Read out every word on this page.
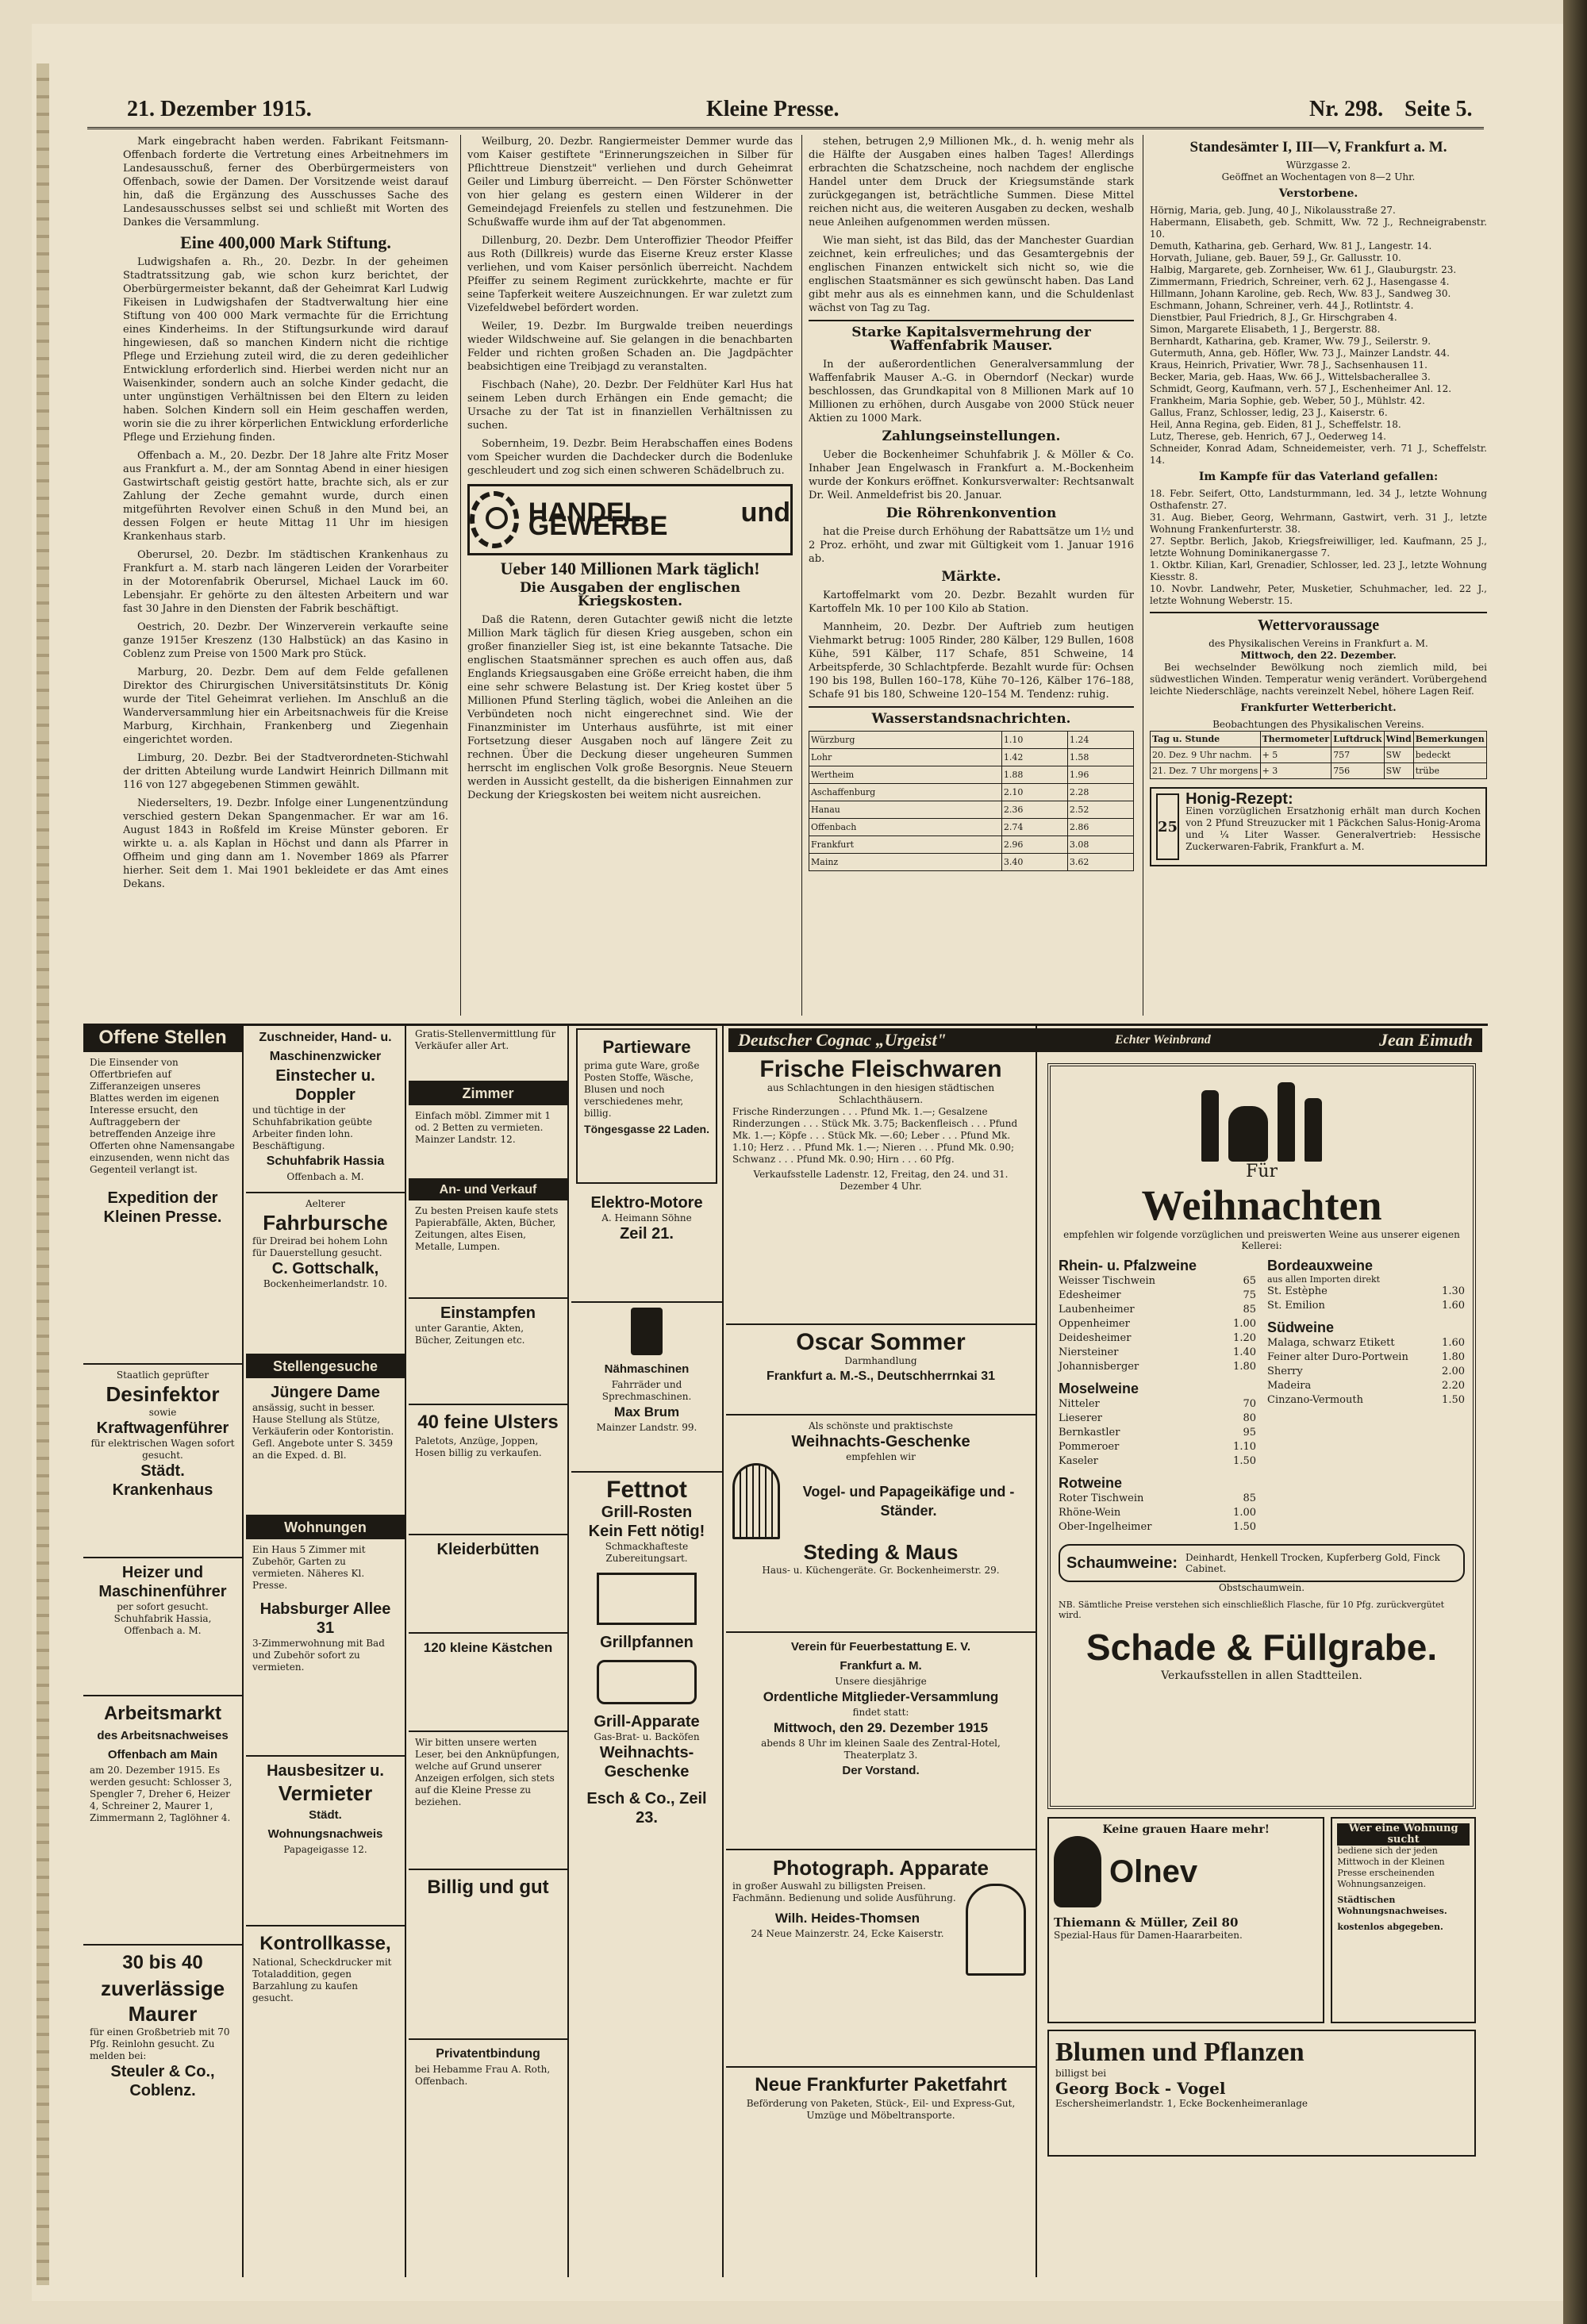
21. Dezember 1915.	Kleine Presse.	Nr. 298. Seite 5.

Mark eingebracht haben werden. Fabrikant Feitsmann-Offenbach forderte die Vertretung eines Arbeitnehmers im Landesausschuß, ferner des Oberbürgermeisters von Offenbach, sowie der Damen. Der Vorsitzende weist darauf hin, daß die Ergänzung des Ausschusses Sache des Landesausschusses selbst sei und schließt mit Worten des Dankes die Versammlung.

Eine 400,000 Mark Stiftung.

Ludwigshafen a. Rh., 20. Dezbr. In der geheimen Stadtratssitzung gab, wie schon kurz berichtet, der Oberbürgermeister bekannt, daß der Geheimrat Karl Ludwig Fikeisen in Ludwigshafen der Stadtverwaltung hier eine Stiftung von 400 000 Mark vermachte für die Errichtung eines Kinderheims. In der Stiftungsurkunde wird darauf hingewiesen, daß so manchen Kindern nicht die richtige Pflege und Erziehung zuteil wird, die zu deren gedeihlicher Entwicklung erforderlich sind. Hierbei werden nicht nur an Waisenkinder, sondern auch an solche Kinder gedacht, die unter ungünstigen Verhältnissen bei den Eltern zu leiden haben. Solchen Kindern soll ein Heim geschaffen werden, worin sie die zu ihrer körperlichen Entwicklung erforderliche Pflege und Erziehung finden.

Offenbach a. M., 20. Dezbr. Der 18 Jahre alte Fritz Moser aus Frankfurt a. M., der am Sonntag Abend in einer hiesigen Gastwirtschaft geistig gestört hatte, brachte sich, als er zur Zahlung der Zeche gemahnt wurde, durch einen mitgeführten Revolver einen Schuß in den Mund bei, an dessen Folgen er heute Mittag 11 Uhr im hiesigen Krankenhaus starb.

Oberursel, 20. Dezbr. Im städtischen Krankenhaus zu Frankfurt a. M. starb nach längeren Leiden der Vorarbeiter in der Motorenfabrik Oberursel, Michael Lauck im 60. Lebensjahr. Er gehörte zu den ältesten Arbeitern und war fast 30 Jahre in den Diensten der Fabrik beschäftigt.

Oestrich, 20. Dezbr. Der Winzerverein verkaufte seine ganze 1915er Kreszenz (130 Halbstück) an das Kasino in Coblenz zum Preise von 1500 Mark pro Stück.

Marburg, 20. Dezbr. Dem auf dem Felde gefallenen Direktor des Chirurgischen Universitätsinstituts Dr. König wurde der Titel Geheimrat verliehen. Im Anschluß an die Wanderversammlung hier ein Arbeitsnachweis für die Kreise Marburg, Kirchhain, Frankenberg und Ziegenhain eingerichtet worden.

Limburg, 20. Dezbr. Bei der Stadtverordneten-Stichwahl der dritten Abteilung wurde Landwirt Heinrich Dillmann mit 116 von 127 abgegebenen Stimmen gewählt.

Niederselters, 19. Dezbr. Infolge einer Lungenentzündung verschied gestern Dekan Spangenmacher. Er war am 16. August 1843 in Roßfeld im Kreise Münster geboren. Er wirkte u. a. als Kaplan in Höchst und dann als Pfarrer in Offheim und ging dann am 1. November 1869 als Pfarrer hierher. Seit dem 1. Mai 1901 bekleidete er das Amt eines Dekans.

Weilburg, 20. Dezbr. Rangiermeister Demmer wurde das vom Kaiser gestiftete "Erinnerungszeichen in Silber für Pflichttreue Dienstzeit" verliehen und durch Geheimrat Geiler und Limburg überreicht. — Den Förster Schönwetter von hier gelang es gestern einen Wilderer in der Gemeindejagd Freienfels zu stellen und festzunehmen. Die Schußwaffe wurde ihm auf der Tat abgenommen.

Dillenburg, 20. Dezbr. Dem Unteroffizier Theodor Pfeiffer aus Roth (Dillkreis) wurde das Eiserne Kreuz erster Klasse verliehen, und vom Kaiser persönlich überreicht. Nachdem Pfeiffer zu seinem Regiment zurückkehrte, machte er für seine Tapferkeit weitere Auszeichnungen. Er war zuletzt zum Vizefeldwebel befördert worden.

Weiler, 19. Dezbr. Im Burgwalde treiben neuerdings wieder Wildschweine auf. Sie gelangen in die benachbarten Felder und richten großen Schaden an. Die Jagdpächter beabsichtigen eine Treibjagd zu veranstalten.

Fischbach (Nahe), 20. Dezbr. Der Feldhüter Karl Hus hat seinem Leben durch Erhängen ein Ende gemacht; die Ursache zu der Tat ist in finanziellen Verhältnissen zu suchen.

Sobernheim, 19. Dezbr. Beim Herabschaffen eines Bodens vom Speicher wurden die Dachdecker durch die Bodenluke geschleudert und zog sich einen schweren Schädelbruch zu.

HANDEL und GEWERBE
Ueber 140 Millionen Mark täglich!
Die Ausgaben der englischen Kriegskosten.

Daß die Ratenn, deren Gutachter gewiß nicht die letzte Million Mark täglich für diesen Krieg ausgeben, schon ein großer finanzieller Sieg ist, ist eine bekannte Tatsache. Die englischen Staatsmänner sprechen es auch offen aus, daß Englands Kriegsausgaben eine Größe erreicht haben, die ihm eine sehr schwere Belastung ist. Der Krieg kostet über 5 Millionen Pfund Sterling täglich, wobei die Anleihen an die Verbündeten noch nicht eingerechnet sind. Wie der Finanzminister im Unterhaus ausführte, ist mit einer Fortsetzung dieser Ausgaben noch auf längere Zeit zu rechnen. Über die Deckung dieser ungeheuren Summen herrscht im englischen Volk große Besorgnis. Neue Steuern werden in Aussicht gestellt, da die bisherigen Einnahmen zur Deckung der Kriegskosten bei weitem nicht ausreichen.

stehen, betrugen 2,9 Millionen Mk., d. h. wenig mehr als die Hälfte der Ausgaben eines halben Tages! Allerdings erbrachten die Schatzscheine, noch nachdem der englische Handel unter dem Druck der Kriegsumstände stark zurückgegangen ist, beträchtliche Summen. Diese Mittel reichen nicht aus, die weiteren Ausgaben zu decken, weshalb neue Anleihen aufgenommen werden müssen.

Wie man sieht, ist das Bild, das der Manchester Guardian zeichnet, kein erfreuliches; und das Gesamtergebnis der englischen Finanzen entwickelt sich nicht so, wie die englischen Staatsmänner es sich gewünscht haben. Das Land gibt mehr aus als es einnehmen kann, und die Schuldenlast wächst von Tag zu Tag.

Starke Kapitalsvermehrung der Waffenfabrik Mauser.

In der außerordentlichen Generalversammlung der Waffenfabrik Mauser A.-G. in Oberndorf (Neckar) wurde beschlossen, das Grundkapital von 8 Millionen Mark auf 10 Millionen zu erhöhen, durch Ausgabe von 2000 Stück neuer Aktien zu 1000 Mark.

Zahlungseinstellungen.

Ueber die Bockenheimer Schuhfabrik J. & Möller & Co. Inhaber Jean Engelwasch in Frankfurt a. M.-Bockenheim wurde der Konkurs eröffnet. Konkursverwalter: Rechtsanwalt Dr. Weil. Anmeldefrist bis 20. Januar.

Die Röhrenkonvention

hat die Preise durch Erhöhung der Rabattsätze um 1½ und 2 Proz. erhöht, und zwar mit Gültigkeit vom 1. Januar 1916 ab.

Märkte.

Kartoffelmarkt vom 20. Dezbr. Bezahlt wurden für Kartoffeln Mk. 10 per 100 Kilo ab Station.

Mannheim, 20. Dezbr. Der Auftrieb zum heutigen Viehmarkt betrug: 1005 Rinder, 280 Kälber, 129 Bullen, 1608 Kühe, 591 Kälber, 117 Schafe, 851 Schweine, 14 Arbeitspferde, 30 Schlachtpferde. Bezahlt wurde für: Ochsen 190 bis 198, Bullen 160–178, Kühe 70–126, Kälber 176–188, Schafe 91 bis 180, Schweine 120–154 M. Tendenz: ruhig.

Wasserstandsnachrichten.
Würzburg	1.10	1.24
Lohr	1.42	1.58
Wertheim	1.88	1.96
Aschaffenburg	2.10	2.28
Hanau	2.36	2.52
Offenbach	2.74	2.86
Frankfurt	2.96	3.08
Mainz	3.40	3.62
Standesämter I, III—V, Frankfurt a. M.
Würzgasse 2.
Geöffnet an Wochentagen von 8—2 Uhr.
Verstorbene.
Hörnig, Maria, geb. Jung, 40 J., Nikolausstraße 27.
Habermann, Elisabeth, geb. Schmitt, Ww. 72 J., Rechneigrabenstr. 10.
Demuth, Katharina, geb. Gerhard, Ww. 81 J., Langestr. 14.
Horvath, Juliane, geb. Bauer, 59 J., Gr. Gallusstr. 10.
Halbig, Margarete, geb. Zornheiser, Ww. 61 J., Glauburgstr. 23.
Zimmermann, Friedrich, Schreiner, verh. 62 J., Hasengasse 4.
Hillmann, Johann Karoline, geb. Rech, Ww. 83 J., Sandweg 30.
Eschmann, Johann, Schreiner, verh. 44 J., Rotlintstr. 4.
Dienstbier, Paul Friedrich, 8 J., Gr. Hirschgraben 4.
Simon, Margarete Elisabeth, 1 J., Bergerstr. 88.
Bernhardt, Katharina, geb. Kramer, Ww. 79 J., Seilerstr. 9.
Gutermuth, Anna, geb. Höfler, Ww. 73 J., Mainzer Landstr. 44.
Kraus, Heinrich, Privatier, Wwr. 78 J., Sachsenhausen 11.
Becker, Maria, geb. Haas, Ww. 66 J., Wittelsbacherallee 3.
Schmidt, Georg, Kaufmann, verh. 57 J., Eschenheimer Anl. 12.
Frankheim, Maria Sophie, geb. Weber, 50 J., Mühlstr. 42.
Gallus, Franz, Schlosser, ledig, 23 J., Kaiserstr. 6.
Heil, Anna Regina, geb. Eiden, 81 J., Scheffelstr. 18.
Lutz, Therese, geb. Henrich, 67 J., Oederweg 14.
Schneider, Konrad Adam, Schneidemeister, verh. 71 J., Scheffelstr. 14.
Im Kampfe für das Vaterland gefallen:
18. Febr. Seifert, Otto, Landsturmmann, led. 34 J., letzte Wohnung Osthafenstr. 27.
31. Aug. Bieber, Georg, Wehrmann, Gastwirt, verh. 31 J., letzte Wohnung Frankenfurterstr. 38.
27. Septbr. Berlich, Jakob, Kriegsfreiwilliger, led. Kaufmann, 25 J., letzte Wohnung Dominikanergasse 7.
1. Oktbr. Kilian, Karl, Grenadier, Schlosser, led. 23 J., letzte Wohnung Kiesstr. 8.
10. Novbr. Landwehr, Peter, Musketier, Schuhmacher, led. 22 J., letzte Wohnung Weberstr. 15.
Wettervoraussage
des Physikalischen Vereins in Frankfurt a. M.
Mittwoch, den 22. Dezember.

Bei wechselnder Bewölkung noch ziemlich mild, bei südwestlichen Winden. Temperatur wenig verändert. Vorübergehend leichte Niederschläge, nachts vereinzelt Nebel, höhere Lagen Reif.

Frankfurter Wetterbericht.
Beobachtungen des Physikalischen Vereins.
Tag u. Stunde	Thermometer	Luftdruck	Wind	Bemerkungen
20. Dez. 9 Uhr nachm.	+ 5	757	SW	bedeckt
21. Dez. 7 Uhr morgens	+ 3	756	SW	trübe
25
Honig-Rezept:
Einen vorzüglichen Ersatzhonig erhält man durch Kochen von 2 Pfund Streuzucker mit 1 Päckchen Salus-Honig-Aroma und ¼ Liter Wasser. Generalvertrieb: Hessische Zuckerwaren-Fabrik, Frankfurt a. M.
Offene Stellen
Die Einsender von Offertbriefen auf Zifferanzeigen unseres Blattes werden im eigenen Interesse ersucht, den Auftraggebern der betreffenden Anzeige ihre Offerten ohne Namensangabe einzusenden, wenn nicht das Gegenteil verlangt ist.
Expedition der Kleinen Presse.
Staatlich geprüfter
Desinfektor
sowie
Kraftwagenführer
für elektrischen Wagen sofort gesucht.
Städt. Krankenhaus
Heizer und
Maschinenführer
per sofort gesucht. Schuhfabrik Hassia, Offenbach a. M.
Arbeitsmarkt
des Arbeitsnachweises Offenbach am Main
am 20. Dezember 1915. Es werden gesucht: Schlosser 3, Spengler 7, Dreher 6, Heizer 4, Schreiner 2, Maurer 1, Zimmermann 2, Taglöhner 4.
30 bis 40
zuverlässige Maurer
für einen Großbetrieb mit 70 Pfg. Reinlohn gesucht. Zu melden bei:
Steuler & Co., Coblenz.
Zuschneider, Hand- u. Maschinenzwicker
Einstecher u. Doppler
und tüchtige in der Schuhfabrikation geübte Arbeiter finden lohn. Beschäftigung.
Schuhfabrik Hassia
Offenbach a. M.
Aelterer
Fahrbursche
für Dreirad bei hohem Lohn für Dauerstellung gesucht.
C. Gottschalk,
Bockenheimerlandstr. 10.
Stellengesuche
Jüngere Dame
ansässig, sucht in besser. Hause Stellung als Stütze, Verkäuferin oder Kontoristin. Gefl. Angebote unter S. 3459 an die Exped. d. Bl.
Wohnungen
Ein Haus 5 Zimmer mit Zubehör, Garten zu vermieten. Näheres Kl. Presse.
Habsburger Allee 31
3-Zimmerwohnung mit Bad und Zubehör sofort zu vermieten.
Hausbesitzer u.
Vermieter
Städt. Wohnungsnachweis
Papageigasse 12.
Kontrollkasse,
National, Scheckdrucker mit Totaladdition, gegen Barzahlung zu kaufen gesucht.
Gratis-Stellenvermittlung für Verkäufer aller Art.
Zimmer
Einfach möbl. Zimmer mit 1 od. 2 Betten zu vermieten. Mainzer Landstr. 12.
An- und Verkauf
Zu besten Preisen kaufe stets Papierabfälle, Akten, Bücher, Zeitungen, altes Eisen, Metalle, Lumpen.
Einstampfen
unter Garantie, Akten, Bücher, Zeitungen etc.
40 feine Ulsters
Paletots, Anzüge, Joppen, Hosen billig zu verkaufen.
Kleiderbütten
120 kleine Kästchen
Wir bitten unsere werten Leser, bei den Anknüpfungen, welche auf Grund unserer Anzeigen erfolgen, sich stets auf die Kleine Presse zu beziehen.
Billig und gut
Privatentbindung
bei Hebamme Frau A. Roth, Offenbach.
Partieware
prima gute Ware, große Posten Stoffe, Wäsche, Blusen und noch verschiedenes mehr, billig.
Töngesgasse 22 Laden.
Elektro-Motore
A. Heimann Söhne
Zeil 21.
Nähmaschinen
Fahrräder und Sprechmaschinen.
Max Brum
Mainzer Landstr. 99.
Fettnot
Grill-Rosten
Kein Fett nötig!
Schmackhafteste Zubereitungsart.
Grillpfannen
Grill-Apparate
Gas-Brat- u. Backöfen
Weihnachts-Geschenke
Esch & Co., Zeil 23.
Frische Fleischwaren
aus Schlachtungen in den hiesigen städtischen Schlachthäusern.
Frische Rinderzungen . . . Pfund Mk. 1.—; Gesalzene Rinderzungen . . . Stück Mk. 3.75; Backenfleisch . . . Pfund Mk. 1.—; Köpfe . . . Stück Mk. —.60; Leber . . . Pfund Mk. 1.10; Herz . . . Pfund Mk. 1.—; Nieren . . . Pfund Mk. 0.90; Schwanz . . . Pfund Mk. 0.90; Hirn . . . 60 Pfg.
Verkaufsstelle Ladenstr. 12, Freitag, den 24. und 31. Dezember 4 Uhr.
Oscar Sommer
Darmhandlung
Frankfurt a. M.-S., Deutschherrnkai 31
Als schönste und praktischste
Weihnachts-Geschenke
empfehlen wir
Vogel- und Papageikäfige und -Ständer.
Steding & Maus
Haus- u. Küchengeräte. Gr. Bockenheimerstr. 29.
Verein für Feuerbestattung E. V.
Frankfurt a. M.
Unsere diesjährige
Ordentliche Mitglieder-Versammlung
findet statt:
Mittwoch, den 29. Dezember 1915
abends 8 Uhr im kleinen Saale des Zentral-Hotel, Theaterplatz 3.
Der Vorstand.
Photograph. Apparate
in großer Auswahl zu billigsten Preisen. Fachmänn. Bedienung und solide Ausführung.
Wilh. Heides-Thomsen
24 Neue Mainzerstr. 24, Ecke Kaiserstr.
Neue Frankfurter Paketfahrt
Beförderung von Paketen, Stück-, Eil- und Express-Gut, Umzüge und Möbeltransporte.
Deutscher Cognac „Urgeist"	Echter Weinbrand	Jean Eimuth
Für
Weihnachten
empfehlen wir folgende vorzüglichen und preiswerten Weine aus unserer eigenen Kellerei:
Rhein- u. Pfalzweine
Weisser Tischwein	65
Edesheimer	75
Laubenheimer	85
Oppenheimer	1.00
Deidesheimer	1.20
Niersteiner	1.40
Johannisberger	1.80
Moselweine
Nitteler	70
Lieserer	80
Bernkastler	95
Pommeroer	1.10
Kaseler	1.50
Rotweine
Roter Tischwein	85
Rhöne-Wein	1.00
Ober-Ingelheimer	1.50
Bordeauxweine
aus allen Importen direkt
St. Estèphe	1.30
St. Emilion	1.60
Südweine
Malaga, schwarz Etikett	1.60
Feiner alter Duro-Portwein	1.80
Sherry	2.00
Madeira	2.20
Cinzano-Vermouth	1.50
Schaumweine: Deinhardt, Henkell Trocken, Kupferberg Gold, Finck Cabinet.
Obstschaumwein.
NB. Sämtliche Preise verstehen sich einschließlich Flasche, für 10 Pfg. zurückvergütet wird.
Schade & Füllgrabe.
Verkaufsstellen in allen Stadtteilen.
Keine grauen Haare mehr!
Olnev
Thiemann & Müller, Zeil 80
Spezial-Haus für Damen-Haararbeiten.
Wer eine Wohnung sucht
bediene sich der jeden Mittwoch in der Kleinen Presse erscheinenden Wohnungsanzeigen.
Städtischen Wohnungsnachweises.
kostenlos abgegeben.
Blumen und Pflanzen
billigst bei
Georg Bock - Vogel
Eschersheimerlandstr. 1, Ecke Bockenheimeranlage
